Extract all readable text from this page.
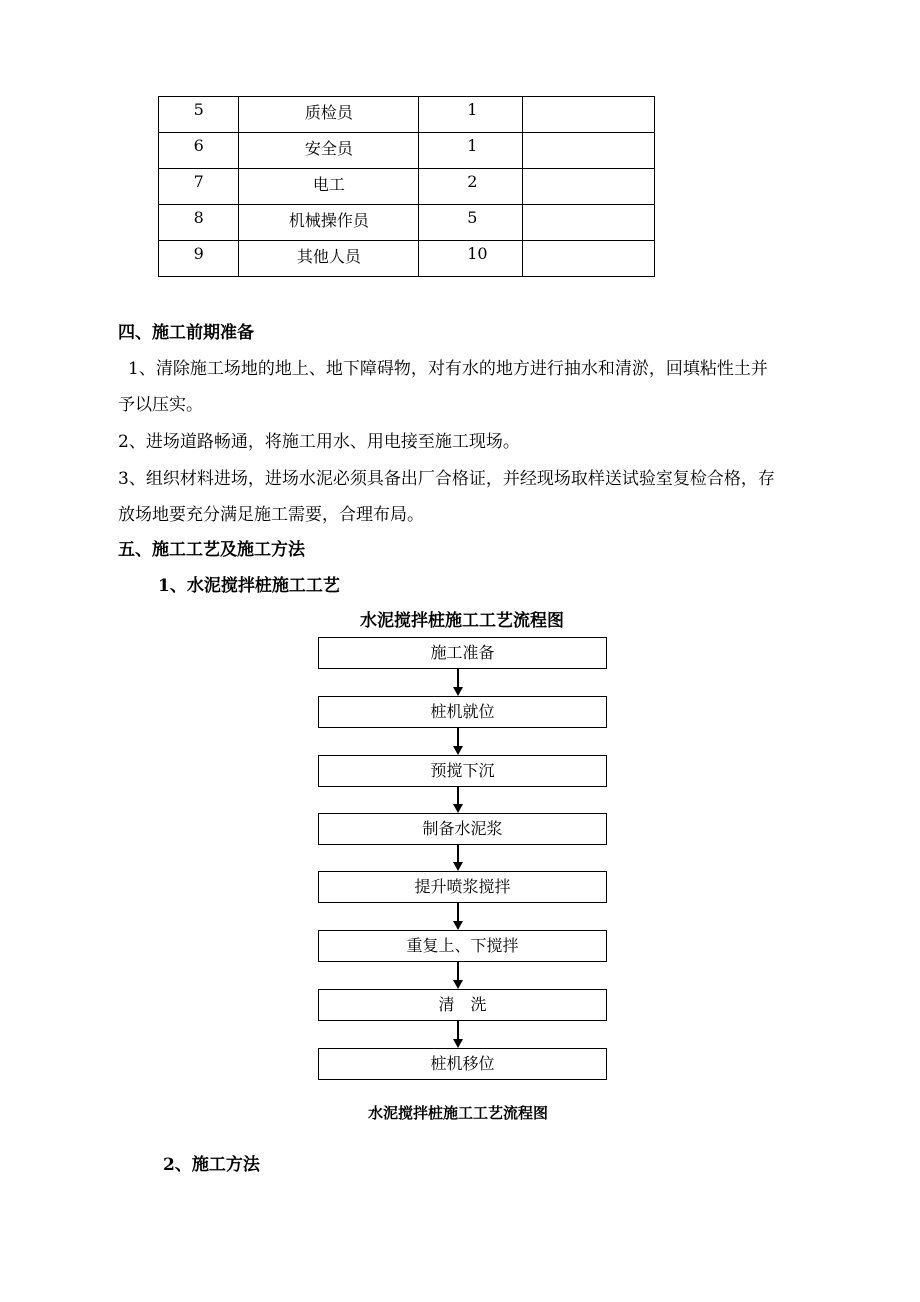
5	质检员	1	

6	安全员	1	

7	电工	2	

8	机械操作员	5	

9	其他人员	10	

四、施工前期准备
1、清除施工场地的地上、地下障碍物，对有水的地方进行抽水和清淤，回填粘性土并
予以压实。
2、进场道路畅通，将施工用水、用电接至施工现场。
3、组织材料进场，进场水泥必须具备出厂合格证，并经现场取样送试验室复检合格，存
放场地要充分满足施工需要，合理布局。
五、施工工艺及施工方法
1、水泥搅拌桩施工工艺
水泥搅拌桩施工工艺流程图
施工准备
桩机就位
预搅下沉
制备水泥浆
提升喷浆搅拌
重复上、下搅拌
清　洗
桩机移位
水泥搅拌桩施工工艺流程图
2、施工方法
